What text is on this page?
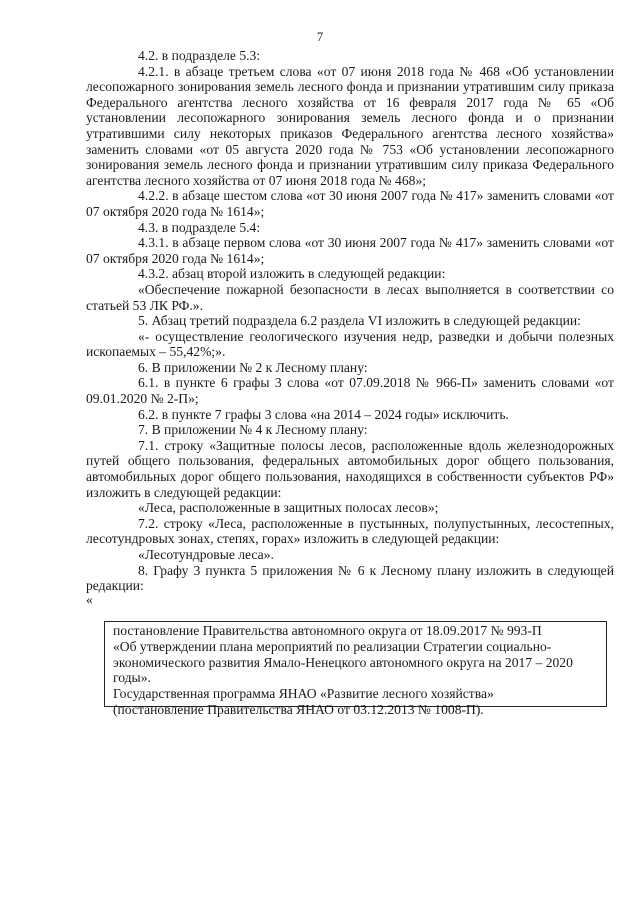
7

4.2. в подразделе 5.3:

4.2.1. в абзаце третьем слова «от 07 июня 2018 года № 468 «Об установлении лесопожарного зонирования земель лесного фонда и признании утратившим силу приказа Федерального агентства лесного хозяйства от 16 февраля 2017 года № 65 «Об установлении лесопожарного зонирования земель лесного фонда и о признании утратившими силу некоторых приказов Федерального агентства лесного хозяйства» заменить словами «от 05 августа 2020 года № 753 «Об установлении лесопожарного зонирования земель лесного фонда и признании утратившим силу приказа Федерального агентства лесного хозяйства от 07 июня 2018 года № 468»;

4.2.2. в абзаце шестом слова «от 30 июня 2007 года № 417» заменить словами «от 07 октября 2020 года № 1614»;

4.3. в подразделе 5.4:

4.3.1. в абзаце первом слова «от 30 июня 2007 года № 417» заменить словами «от 07 октября 2020 года № 1614»;

4.3.2. абзац второй изложить в следующей редакции:

«Обеспечение пожарной безопасности в лесах выполняется в соответствии со статьей 53 ЛК РФ.».

5. Абзац третий подраздела 6.2 раздела VI изложить в следующей редакции:

«- осуществление геологического изучения недр, разведки и добычи полезных ископаемых – 55,42%;».

6. В приложении № 2 к Лесному плану:

6.1. в пункте 6 графы 3 слова «от 07.09.2018 № 966-П» заменить словами «от 09.01.2020 № 2-П»;

6.2. в пункте 7 графы 3 слова «на 2014 – 2024 годы» исключить.

7. В приложении № 4 к Лесному плану:

7.1. строку «Защитные полосы лесов, расположенные вдоль железнодорожных путей общего пользования, федеральных автомобильных дорог общего пользования, автомобильных дорог общего пользования, находящихся в собственности субъектов РФ» изложить в следующей редакции:

«Леса, расположенные в защитных полосах лесов»;

7.2. строку «Леса, расположенные в пустынных, полупустынных, лесостепных, лесотундровых зонах, степях, горах» изложить в следующей редакции:

«Лесотундровые леса».

8. Графу 3 пункта 5 приложения № 6 к Лесному плану изложить в следующей редакции:

«

постановление Правительства автономного округа от 18.09.2017 № 993-П

«Об утверждении плана мероприятий по реализации Стратегии социально-экономического развития Ямало-Ненецкого автономного округа на 2017 – 2020 годы».

Государственная программа ЯНАО «Развитие лесного хозяйства»

(постановление Правительства ЯНАО от 03.12.2013 № 1008-П).
